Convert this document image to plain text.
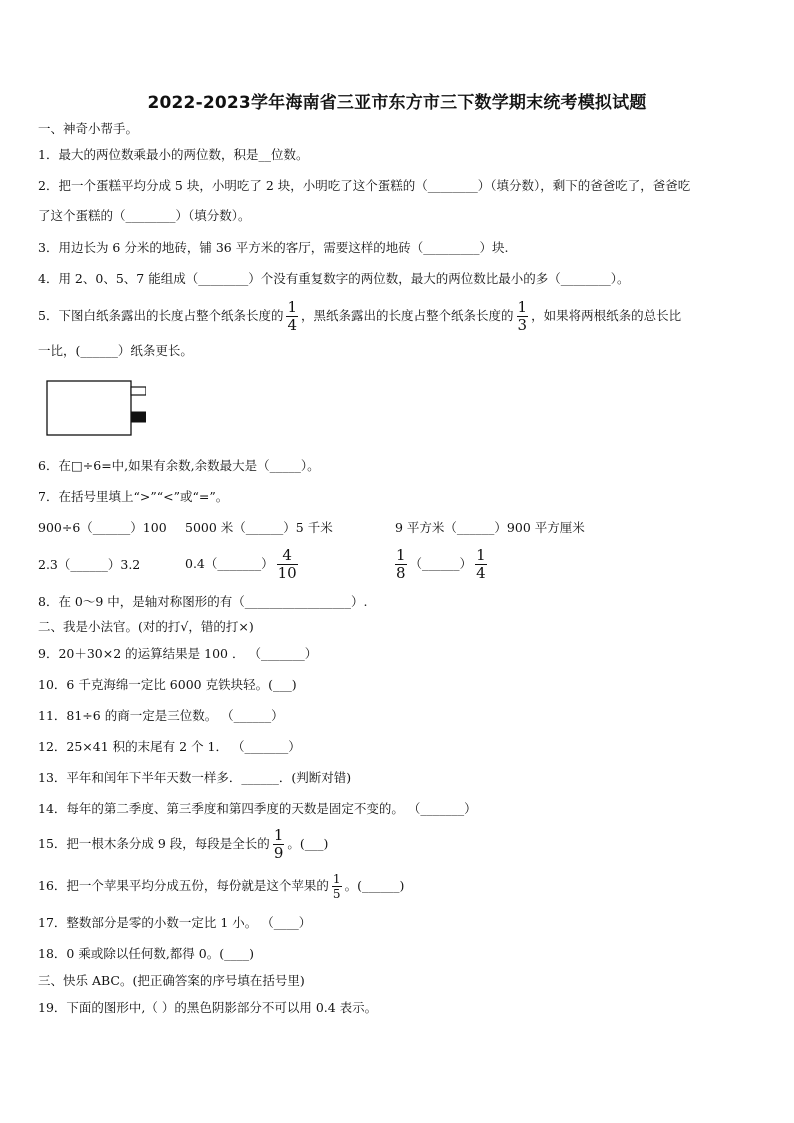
2022-2023学年海南省三亚市东方市三下数学期末统考模拟试题
一、神奇小帮手。
1．最大的两位数乘最小的两位数，积是__位数。
2．把一个蛋糕平均分成 5 块，小明吃了 2 块，小明吃了这个蛋糕的（________）（填分数），剩下的爸爸吃了，爸爸吃
了这个蛋糕的（________）（填分数）。
3．用边长为 6 分米的地砖，铺 36 平方米的客厅，需要这样的地砖（_________）块.
4．用 2、0、5、7 能组成（________）个没有重复数字的两位数，最大的两位数比最小的多（________）。
5．下图白纸条露出的长度占整个纸条长度的 $\frac{1}{4}$ ，黑纸条露出的长度占整个纸条长度的 $\frac{1}{3}$ ，如果将两根纸条的总长比
一比，(______）纸条更长。
6．在□÷6=中,如果有余数,余数最大是（_____）。
7．在括号里填上“>”“<”或“=”。
900÷6（______）100 5000 米（______）5 千米	9 平方米（______）900 平方厘米
2.3（______）3.2	0.4（_______） $\frac{4}{10}$	$\frac{1}{8}$ （______） $\frac{1}{4}$
8．在 0～9 中，是轴对称图形的有（_________________）.
二、我是小法官。(对的打√，错的打×)
9．20＋30×2 的运算结果是 100 ． （_______）
10．6 千克海绵一定比 6000 克铁块轻。(___)
11．81÷6 的商一定是三位数。 （______）
12．25×41 积的末尾有 2 个 1． （_______）
13．平年和闰年下半年天数一样多．______．(判断对错)
14．每年的第二季度、第三季度和第四季度的天数是固定不变的。 （_______）
15．把一根木条分成 9 段，每段是全长的 $\frac{1}{9}$ 。(___)
16．把一个苹果平均分成五份，每份就是这个苹果的 $\frac{1}{5}$ 。(______)
17．整数部分是零的小数一定比 1 小。 （____）
18．0 乘或除以任何数,都得 0。(____)
三、快乐 ABC。(把正确答案的序号填在括号里)
19．下面的图形中,（ ）的黑色阴影部分不可以用 0.4 表示。
